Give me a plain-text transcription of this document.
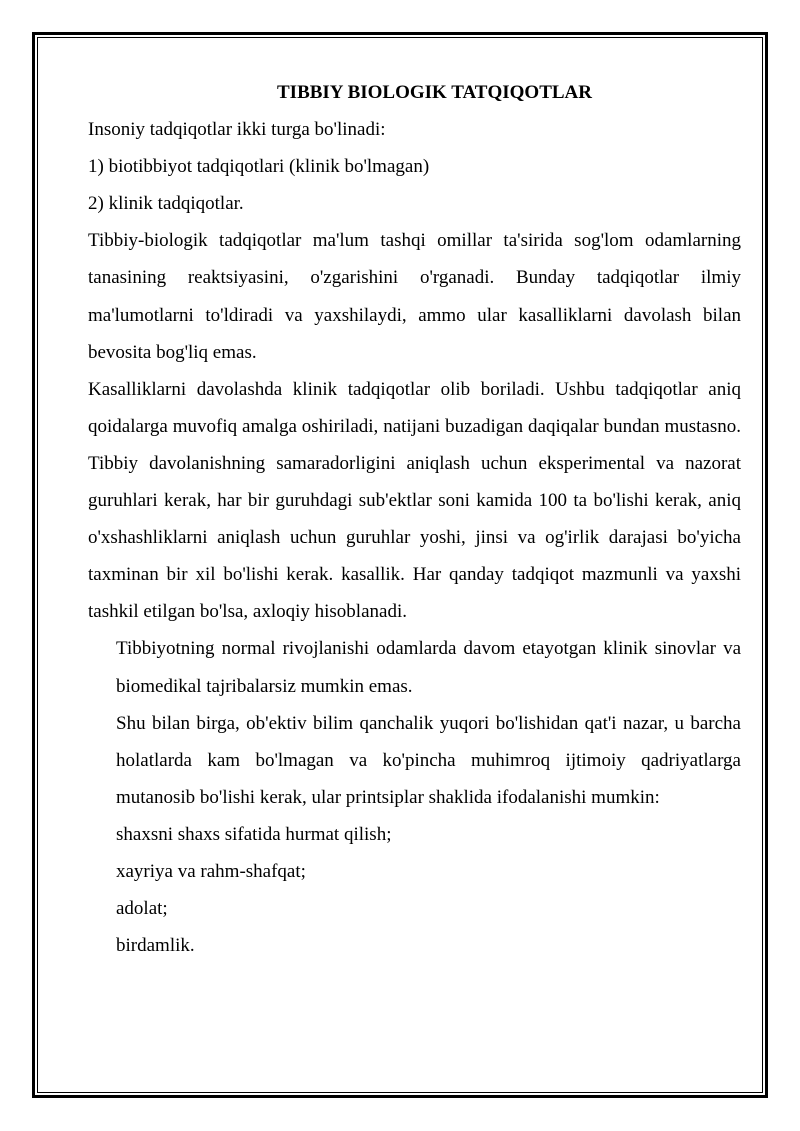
TIBBIY BIOLOGIK TATQIQOTLAR

Insoniy tadqiqotlar ikki turga bo'linadi:

1) biotibbiyot tadqiqotlari (klinik bo'lmagan)

2) klinik tadqiqotlar.

Tibbiy-biologik tadqiqotlar ma'lum tashqi omillar ta'sirida sog'lom odamlarning tanasining reaktsiyasini, o'zgarishini o'rganadi. Bunday tadqiqotlar ilmiy ma'lumotlarni to'ldiradi va yaxshilaydi, ammo ular kasalliklarni davolash bilan bevosita bog'liq emas.

Kasalliklarni davolashda klinik tadqiqotlar olib boriladi. Ushbu tadqiqotlar aniq qoidalarga muvofiq amalga oshiriladi, natijani buzadigan daqiqalar bundan mustasno. Tibbiy davolanishning samaradorligini aniqlash uchun eksperimental va nazorat guruhlari kerak, har bir guruhdagi sub'ektlar soni kamida 100 ta bo'lishi kerak, aniq o'xshashliklarni aniqlash uchun guruhlar yoshi, jinsi va og'irlik darajasi bo'yicha taxminan bir xil bo'lishi kerak. kasallik. Har qanday tadqiqot mazmunli va yaxshi tashkil etilgan bo'lsa, axloqiy hisoblanadi.

Tibbiyotning normal rivojlanishi odamlarda davom etayotgan klinik sinovlar va biomedikal tajribalarsiz mumkin emas.

Shu bilan birga, ob'ektiv bilim qanchalik yuqori bo'lishidan qat'i nazar, u barcha holatlarda kam bo'lmagan va ko'pincha muhimroq ijtimoiy qadriyatlarga mutanosib bo'lishi kerak, ular printsiplar shaklida ifodalanishi mumkin:

shaxsni shaxs sifatida hurmat qilish;

xayriya va rahm-shafqat;

adolat;

birdamlik.
